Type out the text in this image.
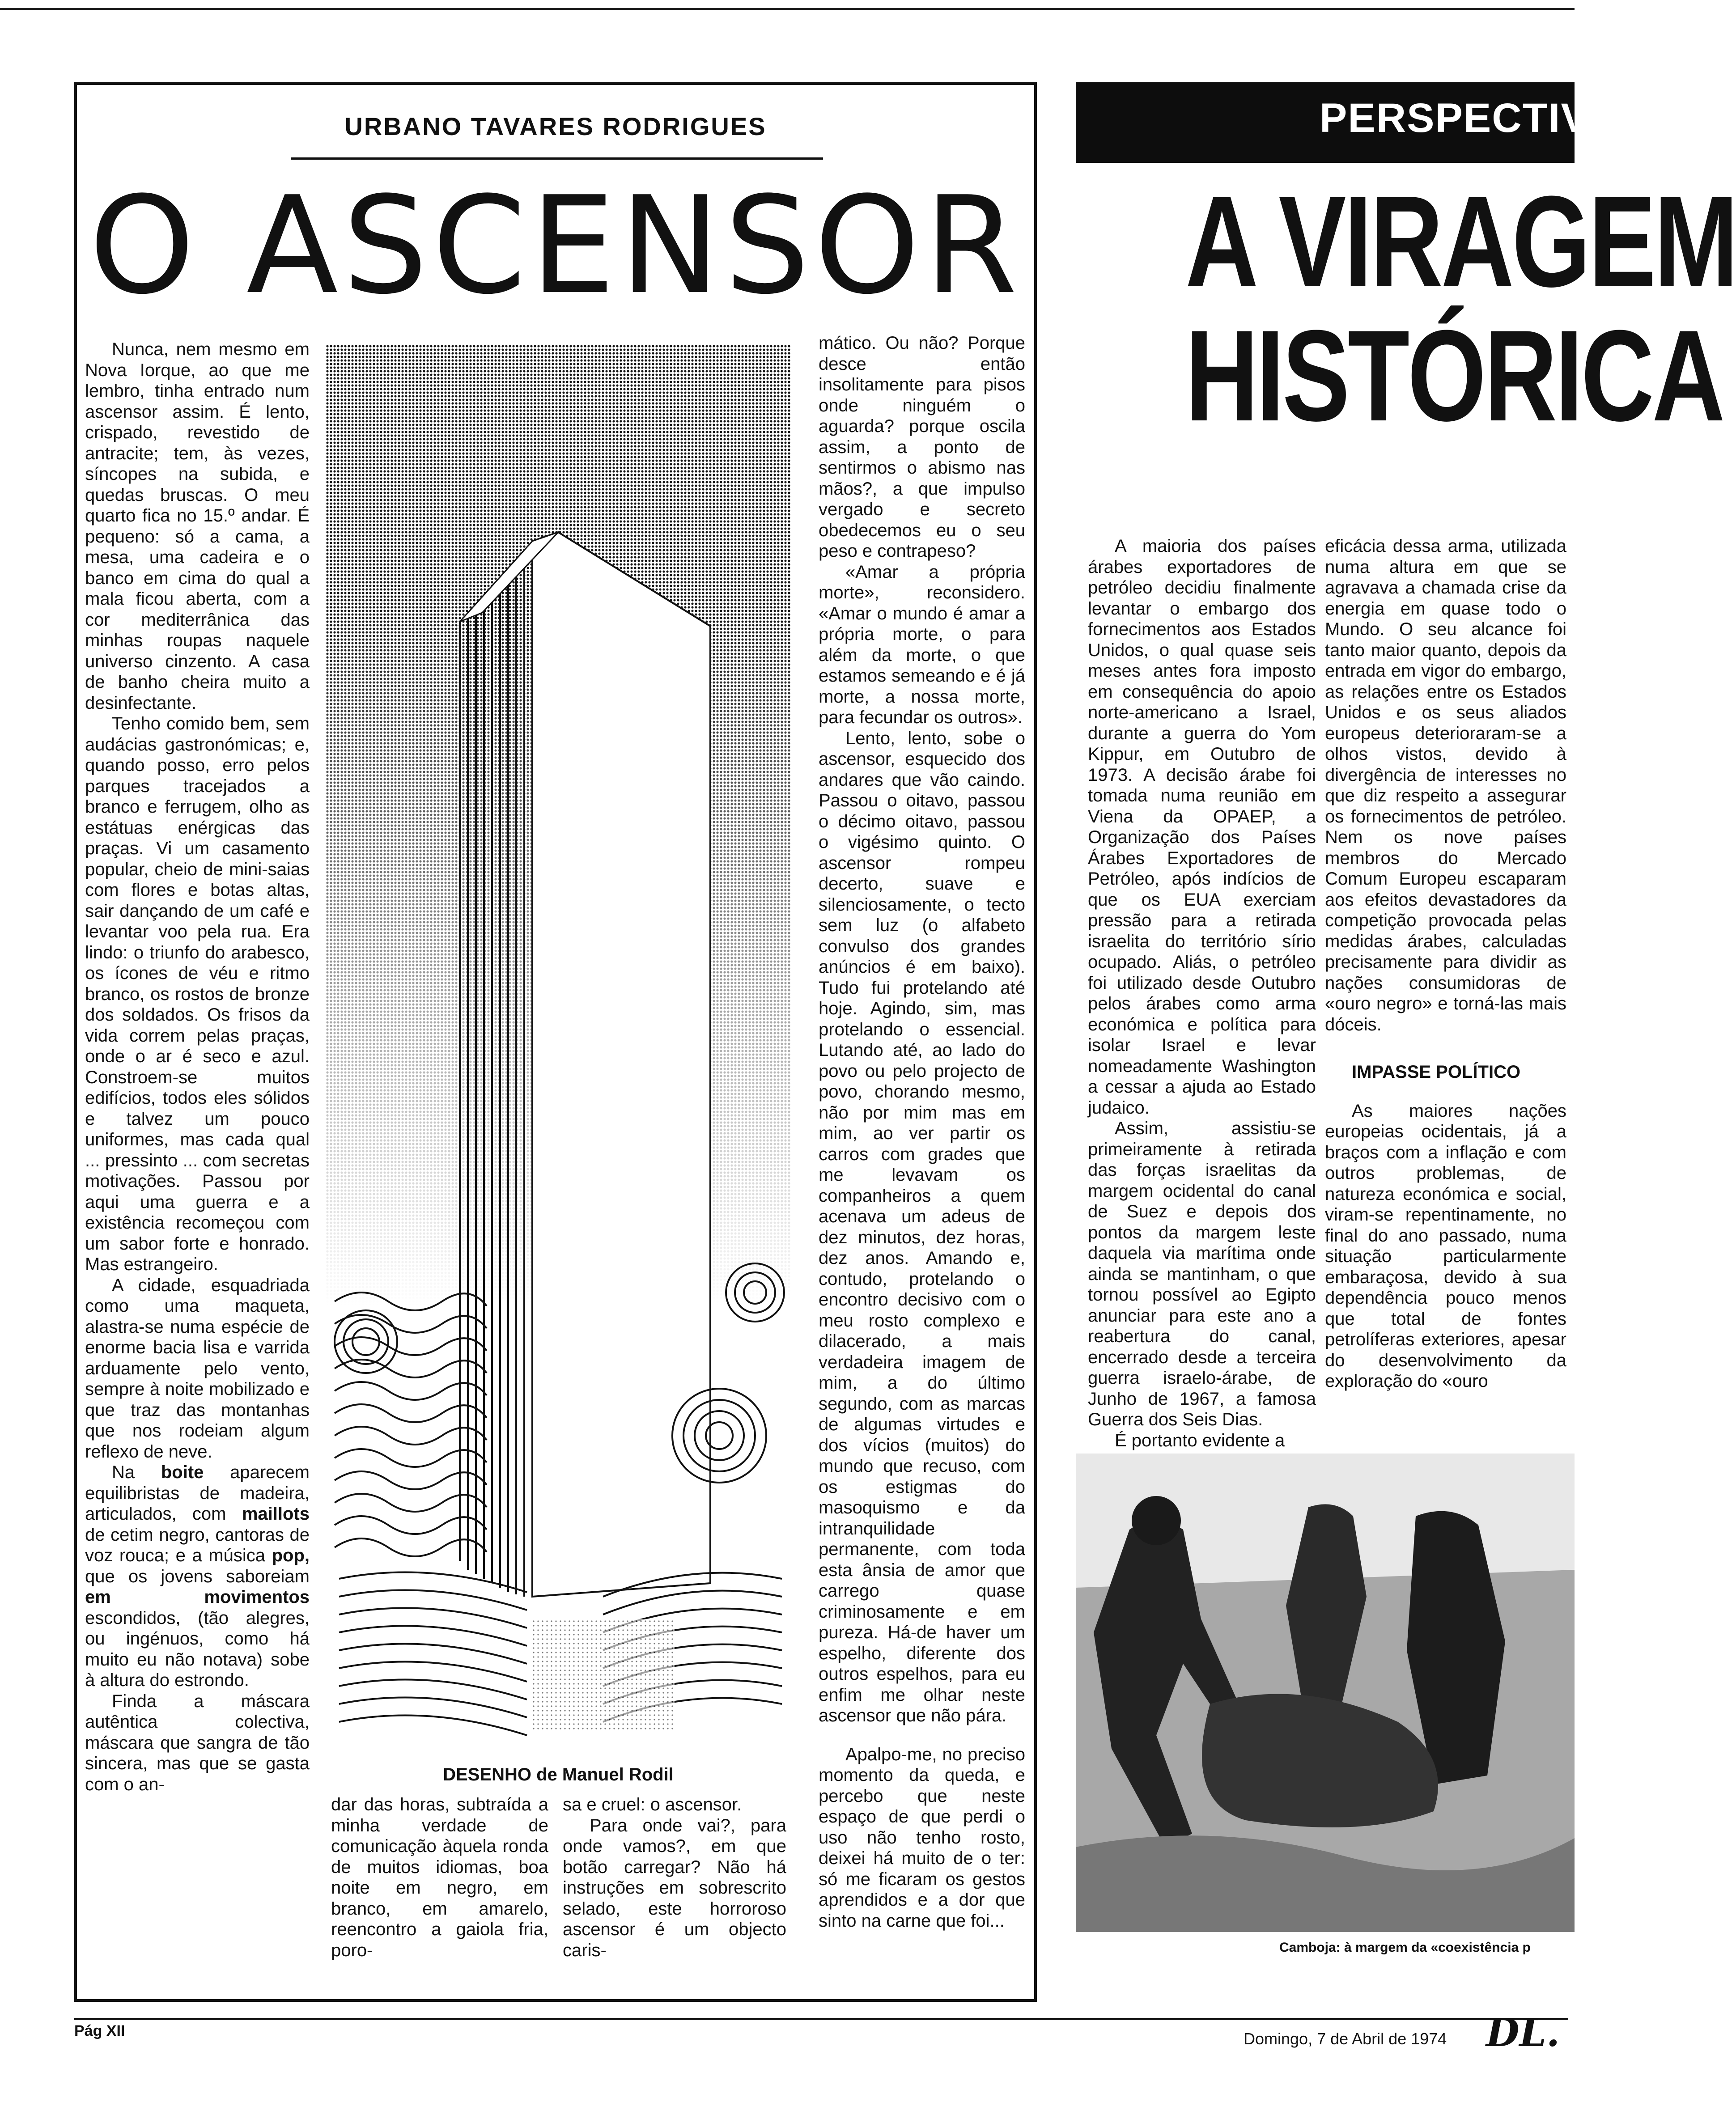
URBANO TAVARES RODRIGUES
O ASCENSOR

Nunca, nem mesmo em Nova Iorque, ao que me lembro, tinha entrado num ascensor assim. É lento, crispado, revestido de antracite; tem, às vezes, síncopes na subida, e quedas bruscas. O meu quarto fica no 15.º andar. É pequeno: só a cama, a mesa, uma cadeira e o banco em cima do qual a mala ficou aberta, com a cor mediterrânica das minhas roupas naquele universo cinzento. A casa de banho cheira muito a desinfectante.

Tenho comido bem, sem audácias gastronómicas; e, quando posso, erro pelos parques tracejados a branco e ferrugem, olho as estátuas enérgicas das praças. Vi um casamento popular, cheio de mini-saias com flores e botas altas, sair dançando de um café e levantar voo pela rua. Era lindo: o triunfo do arabesco, os ícones de véu e ritmo branco, os rostos de bronze dos soldados. Os frisos da vida correm pelas praças, onde o ar é seco e azul. Constroem-se muitos edifícios, todos eles sólidos e talvez um pouco uniformes, mas cada qual ... pressinto ... com secretas motivações. Passou por aqui uma guerra e a existência recomeçou com um sabor forte e honrado. Mas estrangeiro.

A cidade, esquadriada como uma maqueta, alastra-se numa espécie de enorme bacia lisa e varrida arduamente pelo vento, sempre à noite mobilizado e que traz das montanhas que nos rodeiam algum reflexo de neve.

Na boite aparecem equilibristas de madeira, articulados, com maillots de cetim negro, cantoras de voz rouca; e a música pop, que os jovens saboreiam em movimentos escondidos, (tão alegres, ou ingénuos, como há muito eu não notava) sobe à altura do estrondo.

Finda a máscara autêntica colectiva, máscara que sangra de tão sincera, mas que se gasta com o an-	DESENHO de Manuel Rodil

dar das horas, subtraída a minha verdade de comunicação àquela ronda de muitos idiomas, boa noite em negro, em branco, em amarelo, reencontro a gaiola fria, poro-

sa e cruel: o ascensor.

Para onde vai?, para onde vamos?, em que botão carregar? Não há instruções em sobrescrito selado, este horroroso ascensor é um objecto caris-

mático. Ou não? Porque desce então insolitamente para pisos onde ninguém o aguarda? porque oscila assim, a ponto de sentirmos o abismo nas mãos?, a que impulso vergado e secreto obedecemos eu o seu peso e contrapeso?

«Amar a própria morte», reconsidero. «Amar o mundo é amar a própria morte, o para além da morte, o que estamos semeando e é já morte, a nossa morte, para fecundar os outros».

Lento, lento, sobe o ascensor, esquecido dos andares que vão caindo. Passou o oitavo, passou o décimo oitavo, passou o vigésimo quinto. O ascensor rompeu decerto, suave e silenciosamente, o tecto sem luz (o alfabeto convulso dos grandes anúncios é em baixo). Tudo fui protelando até hoje. Agindo, sim, mas protelando o essencial. Lutando até, ao lado do povo ou pelo projecto de povo, chorando mesmo, não por mim mas em mim, ao ver partir os carros com grades que me levavam os companheiros a quem acenava um adeus de dez minutos, dez horas, dez anos. Amando e, contudo, protelando o encontro decisivo com o meu rosto complexo e dilacerado, a mais verdadeira imagem de mim, a do último segundo, com as marcas de algumas virtudes e dos vícios (muitos) do mundo que recuso, com os estigmas do masoquismo e da intranquilidade permanente, com toda esta ânsia de amor que carrego quase criminosamente e em pureza. Há-de haver um espelho, diferente dos outros espelhos, para eu enfim me olhar neste ascensor que não pára.

Apalpo-me, no preciso momento da queda, e percebo que neste espaço de que perdi o uso não tenho rosto, deixei há muito de o ter: só me ficaram os gestos aprendidos e a dor que sinto na carne que foi...

PERSPECTIVAS
A VIRAGEM
HISTÓRICA

A maioria dos países árabes exportadores de petróleo decidiu finalmente levantar o embargo dos fornecimentos aos Estados Unidos, o qual quase seis meses antes fora imposto em consequência do apoio norte-americano a Israel, durante a guerra do Yom Kippur, em Outubro de 1973. A decisão árabe foi tomada numa reunião em Viena da OPAEP, a Organização dos Países Árabes Exportadores de Petróleo, após indícios de que os EUA exerciam pressão para a retirada israelita do território sírio ocupado. Aliás, o petróleo foi utilizado desde Outubro pelos árabes como arma económica e política para isolar Israel e levar nomeadamente Washington a cessar a ajuda ao Estado judaico.

Assim, assistiu-se primeiramente à retirada das forças israelitas da margem ocidental do canal de Suez e depois dos pontos da margem leste daquela via marítima onde ainda se mantinham, o que tornou possível ao Egipto anunciar para este ano a reabertura do canal, encerrado desde a terceira guerra israelo-árabe, de Junho de 1967, a famosa Guerra dos Seis Dias.

É portanto evidente a

eficácia dessa arma, utilizada numa altura em que se agravava a chamada crise da energia em quase todo o Mundo. O seu alcance foi tanto maior quanto, depois da entrada em vigor do embargo, as relações entre os Estados Unidos e os seus aliados europeus deterioraram-se a olhos vistos, devido à divergência de interesses no que diz respeito a assegurar os fornecimentos de petróleo. Nem os nove países membros do Mercado Comum Europeu escaparam aos efeitos devastadores da competição provocada pelas medidas árabes, calculadas precisamente para dividir as nações consumidoras de «ouro negro» e torná-las mais dóceis.

IMPASSE POLÍTICO

As maiores nações europeias ocidentais, já a braços com a inflação e com outros problemas, de natureza económica e social, viram-se repentinamente, no final do ano passado, numa situação particularmente embaraçosa, devido à sua dependência pouco menos que total de fontes petrolíferas exteriores, apesar do desenvolvimento da exploração do «ouro

Camboja: à margem da «coexistência p
Pág XII	Domingo, 7 de Abril de 1974 DL.
